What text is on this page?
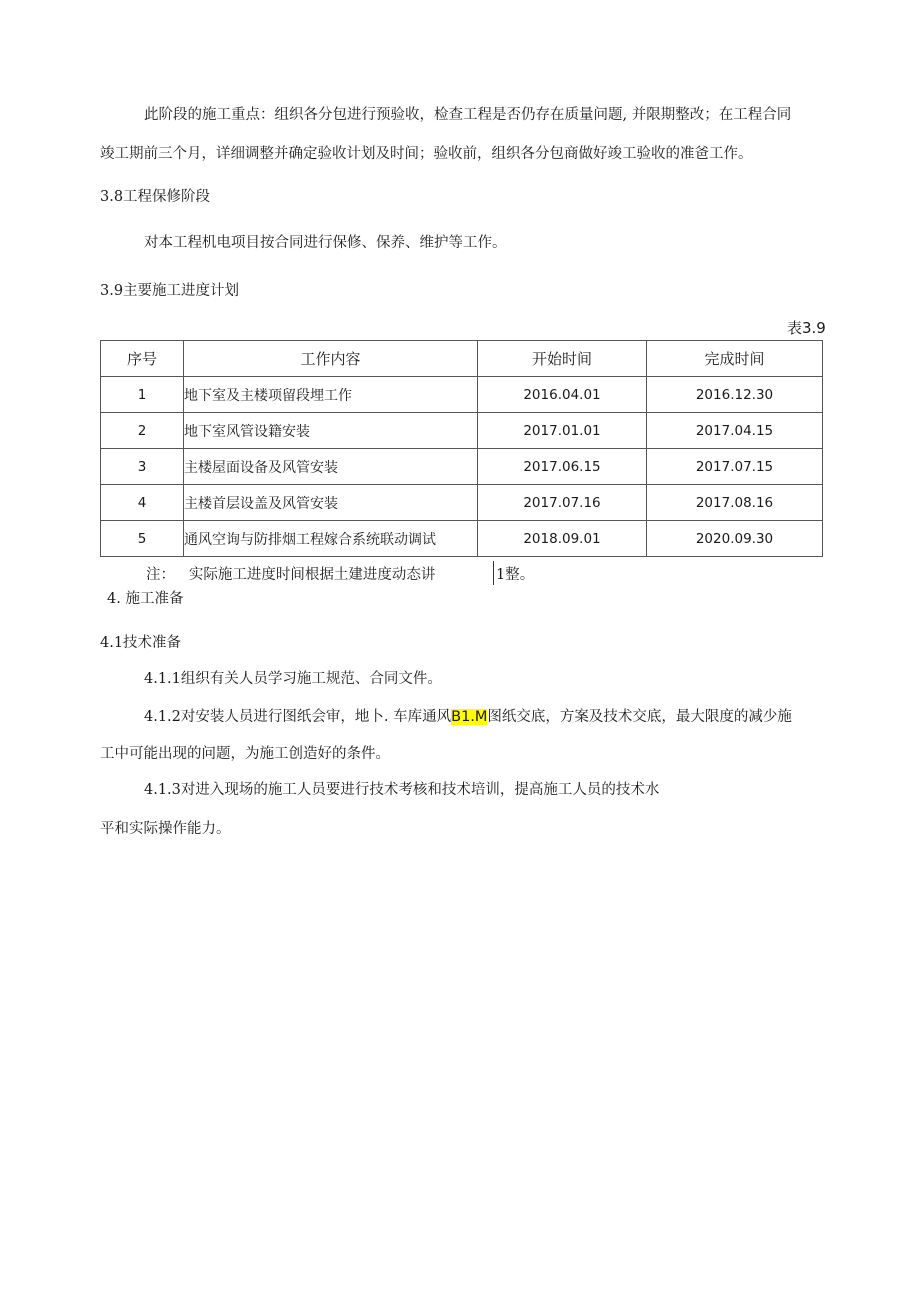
此阶段的施工重点：组织各分包进行预验收，检查工程是否仍存在质量问题, 并限期整改；在工程合同
竣工期前三个月，详细调整并确定验收计划及时间；验收前，组织各分包商做好竣工验收的准爸工作。
3.8工程保修阶段
对本工程机电项目按合同进行保修、保养、维护等工作。
3.9主要施工进度计划
表3.9
序号	工作内容	开始时间	完成时间
1	地下室及主楼项留段埋工作	2016.04.01	2016.12.30
2	地下室风管设籍安装	2017.01.01	2017.04.15
3	主楼屋面设备及风管安装	2017.06.15	2017.07.15
4	主楼首层设盖及风管安装	2017.07.16	2017.08.16
5	通风空询与防排烟工程嫁合系统联动调试	2018.09.01	2020.09.30
注：   实际施工进度时间根据土建进度动态讲	1整。
4. 施工准备
4.1技术准备
4.1.1组织有关人员学习施工规范、合同文件。
4.1.2对安装人员进行图纸会审，地卜. 车库通风B1.M图纸交底，方案及技术交底，最大限度的减少施
工中可能出现的问题，为施工创造好的条件。
4.1.3对进入现场的施工人员要进行技术考核和技术培训，提高施工人员的技术水
平和实际操作能力。
